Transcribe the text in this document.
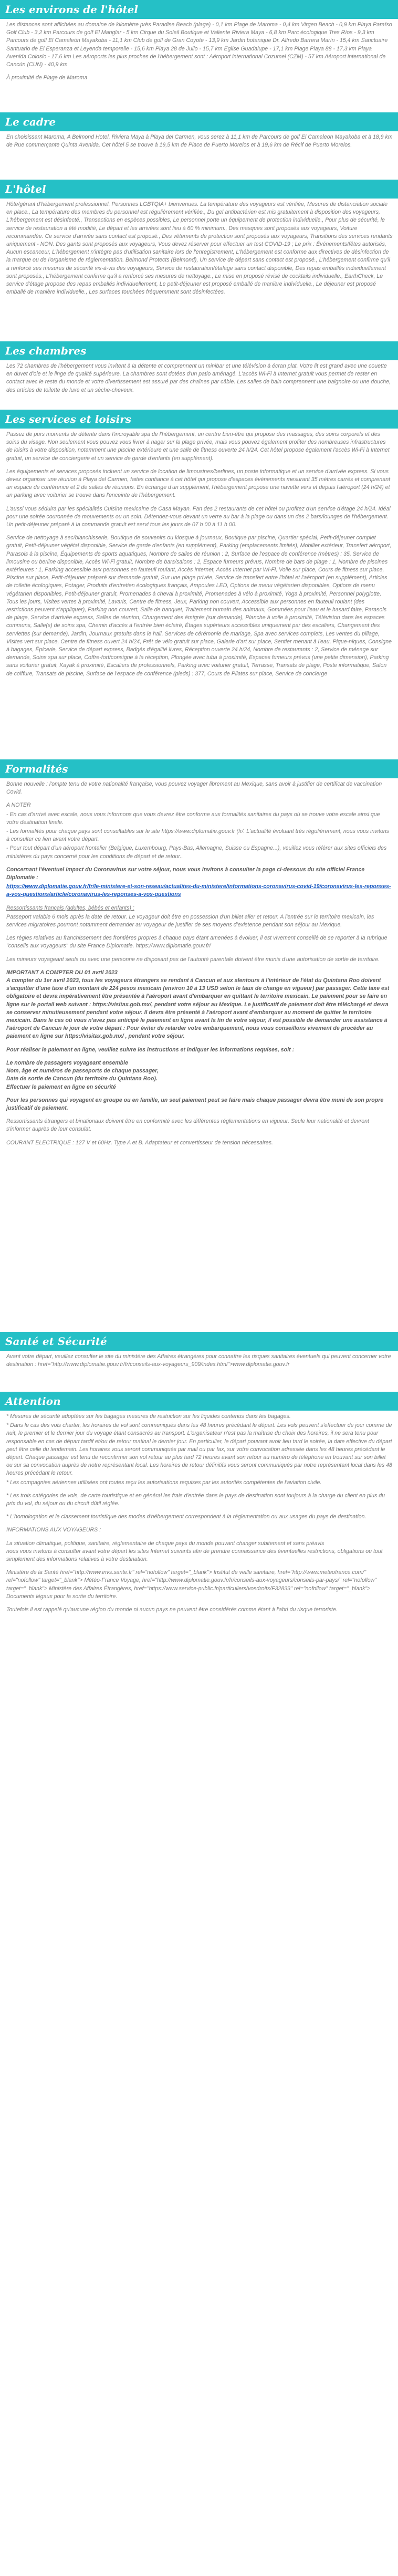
Les environs de l'hôtel

Les distances sont affichées au domaine de kilomètre près Paradise Beach (plage) - 0,1 km Plage de Maroma - 0,4 km Virgen Beach - 0,9 km Playa Paraíso Golf Club - 3,2 km Parcours de golf El Manglar - 5 km Cirque du Soleil Boutique et Valiente Riviera Maya - 6,8 km Parc écologique Tres Ríos - 9,3 km Parcours de golf El Camaleón Mayakoba - 11,1 km Club de golf de Gran Coyote - 13,9 km Jardin botanique Dr. Alfredo Barrera Marín - 15,4 km Sanctuaire Santuario de El Esperanza et Leyenda temporelle - 15,6 km Playa 28 de Julio - 15,7 km Eglise Guadalupe - 17,1 km Plage Playa 88 - 17,3 km Playa Avenida Colosio - 17,6 km Les aéroports les plus proches de l'hébergement sont : Aéroport international Cozumel (CZM) - 57 km Aéroport international de Cancún (CUN) - 40,9 km

À proximité de Plage de Maroma

Le cadre

En choisissant Maroma, A Belmond Hotel, Riviera Maya à Playa del Carmen, vous serez à 11,1 km de Parcours de golf El Camaleon Mayakoba et à 18,9 km de Rue commerçante Quinta Avenida. Cet hôtel 5 se trouve à 19,5 km de Place de Puerto Morelos et à 19,6 km de Récif de Puerto Morelos.

L'hôtel

Hôte/gérant d'hébergement professionnel. Personnes LGBTQIA+ bienvenues. La température des voyageurs est vérifiée, Mesures de distanciation sociale en place., La température des membres du personnel est régulièrement vérifiée., Du gel antibactérien est mis gratuitement à disposition des voyageurs, L'hébergement est désinfecté., Transactions en espèces possibles, Le personnel porte un équipement de protection individuelle., Pour plus de sécurité, le service de restauration a été modifié, Le départ et les arrivées sont lieu à 60 % minimum., Des masques sont proposés aux voyageurs, Voiture recommandée. Ce service d'arrivée sans contact est proposé., Des vêtements de protection sont proposés aux voyageurs, Transitions des services rendants uniquement - NON. Des gants sont proposés aux voyageurs, Vous devez réserver pour effectuer un test COVID-19 ; Le prix : Événements/fêtes autorisés, Aucun escanceur, L'hébergement n'intègre pas d'utilisation sanitaire lors de l'enregistrement, L'hébergement est conforme aux directives de désinfection de la marque ou de l'organisme de réglementation. Belmond Protects (Belmond), Un service de départ sans contact est proposé., L'hébergement confirme qu'il a renforcé ses mesures de sécurité vis-à-vis des voyageurs, Service de restauration/étalage sans contact disponible, Des repas emballés individuellement sont proposés., L'hébergement confirme qu'il a renforcé ses mesures de nettoyage., Le mise en proposé révisé de cocktails individuelle., EarthCheck, Le service d'étage propose des repas emballés individuellement, Le petit-déjeuner est proposé emballé de manière individuelle., Le déjeuner est proposé emballé de manière individuelle., Les surfaces touchées fréquemment sont désinfectées.

Les chambres

Les 72 chambres de l'hébergement vous invitent à la détente et comprennent un minibar et une télévision à écran plat. Votre lit est grand avec une couette en duvet d'oie et le linge de qualité supérieure. La chambres sont dotées d'un patio aménagé. L'accès Wi-Fi à Internet gratuit vous permet de rester en contact avec le reste du monde et votre divertissement est assuré par des chaînes par câble. Les salles de bain comprennent une baignoire ou une douche, des articles de toilette de luxe et un sèche-cheveux.

Les services et loisirs

Passez de purs moments de détente dans l'incroyable spa de l'hébergement, un centre bien-être qui propose des massages, des soins corporels et des soins du visage. Non seulement vous pouvez vous livrer à nager sur la plage privée, mais vous pouvez également profiter des nombreuses infrastructures de loisirs à votre disposition, notamment une piscine extérieure et une salle de fitness ouverte 24 h/24. Cet hôtel propose également l'accès Wi-Fi à Internet gratuit, un service de conciergerie et un service de garde d'enfants (en supplément).

Les équipements et services proposés incluent un service de location de limousines/berlines, un poste informatique et un service d'arrivée express. Si vous devez organiser une réunion à Playa del Carmen, faites confiance à cet hôtel qui propose d'espaces événements mesurant 35 mètres carrés et comprenant un espace de conférence et 2 de salles de réunions. En échange d'un supplément, l'hébergement propose une navette vers et depuis l'aéroport (24 h/24) et un parking avec voiturier se trouve dans l'enceinte de l'hébergement.

L'aussi vous séduira par les spécialités Cuisine mexicaine de Casa Mayan. Fan des 2 restaurants de cet hôtel ou profitez d'un service d'étage 24 h/24. Idéal pour une soirée couronnée de mouvements ou un soin. Détendez-vous devant un verre au bar à la plage ou dans un des 2 bars/lounges de l'hébergement. Un petit-déjeuner préparé à la commande gratuit est servi tous les jours de 07 h 00 à 11 h 00.

Service de nettoyage à sec/blanchisserie, Boutique de souvenirs ou kiosque à journaux, Boutique par piscine, Quartier spécial, Petit-déjeuner complet gratuit, Petit-déjeuner végétal disponible, Service de garde d'enfants (en supplément), Parking (emplacements limités), Mobilier extérieur, Transfert aéroport, Parasols à la piscine, Équipements de sports aquatiques, Nombre de salles de réunion : 2, Surface de l'espace de conférence (mètres) : 35, Service de limousine ou berline disponible, Accès Wi-Fi gratuit, Nombre de bars/salons : 2, Espace fumeurs prévus, Nombre de bars de plage : 1, Nombre de piscines extérieures : 1, Parking accessible aux personnes en fauteuil roulant, Accès Internet, Accès Internet par Wi-Fi, Voile sur place, Cours de fitness sur place, Piscine sur place, Petit-déjeuner préparé sur demande gratuit, Sur une plage privée, Service de transfert entre l'hôtel et l'aéroport (en supplément), Articles de toilette écologiques, Potager, Produits d'entretien écologiques français, Ampoules LED, Options de menu végétarien disponibles, Options de menu végétarien disponibles, Petit-déjeuner gratuit, Promenades à cheval à proximité, Promenades à vélo à proximité, Yoga à proximité, Personnel polyglotte, Tous les jours, Visites vertes à proximité, Lavaris, Centre de fitness, Jeux, Parking non couvert, Accessible aux personnes en fauteuil roulant (des restrictions peuvent s'appliquer), Parking non couvert, Salle de banquet, Traitement humain des animaux, Gommées pour l'eau et le hasard faire, Parasols de plage, Service d'arrivée express, Salles de réunion, Chargement des émigrés (sur demande), Planche à voile à proximité, Télévision dans les espaces communs, Salle(s) de soins spa, Chemin d'accès à l'entrée bien éclairé, Étages supérieurs accessibles uniquement par des escaliers, Changement des serviettes (sur demande), Jardin, Journaux gratuits dans le hall, Services de cérémonie de mariage, Spa avec services complets, Les ventes du pillage, Visites vert sur place, Centre de fitness ouvert 24 h/24, Prêt de vélo gratuit sur place, Galerie d'art sur place, Sentier menant à l'eau, Pique-niques, Consigne à bagages, Épicerie, Service de départ express, Badgés d'égalité livres, Réception ouverte 24 h/24, Nombre de restaurants : 2, Service de ménage sur demande, Soins spa sur place, Coffre-fort/consigne à la réception, Plongée avec tuba à proximité, Espaces fumeurs prévus (une petite dimension), Parking sans voiturier gratuit, Kayak à proximité, Escaliers de professionnels, Parking avec voiturier gratuit, Terrasse, Transats de plage, Poste informatique, Salon de coiffure, Transats de piscine, Surface de l'espace de conférence (pieds) : 377, Cours de Pilates sur place, Service de concierge

Formalités

Bonne nouvelle : l'ompte tenu de votre nationalité française, vous pouvez voyager librement au Mexique, sans avoir à justifier de certificat de vaccination Covid.

A NOTER

- En cas d'arrivé avec escale, nous vous informons que vous devrez être conforme aux formalités sanitaires du pays où se trouve votre escale ainsi que votre destination finale.

- Les formalités pour chaque pays sont consultables sur le site https://www.diplomatie.gouv.fr (fr/. L'actualité évoluant très régulièrement, nous vous invitons à consulter ce lien avant votre départ.

- Pour tout départ d'un aéroport frontalier (Belgique, Luxembourg, Pays-Bas, Allemagne, Suisse ou Espagne...), veuillez vous référer aux sites officiels des ministères du pays concerné pour les conditions de départ et de retour..

Concernant l'éventuel impact du Coronavirus sur votre séjour, nous vous invitons à consulter la page ci-dessous du site officiel France Diplomatie :

https://www.diplomatie.gouv.fr/fr/le-ministere-et-son-reseau/actualites-du-ministere/informations-coronavirus-covid-19/coronavirus-les-reponses-a-vos-questions/article/coronavirus-les-reponses-a-vos-questions

Ressortissants français (adultes, bébés et enfants) :

Passeport valable 6 mois après la date de retour. Le voyageur doit être en possession d'un billet aller et retour. A l'entrée sur le territoire mexicain, les services migratoires pourront notamment demander au voyageur de justifier de ses moyens d'existence pendant son séjour au Mexique.

Les règles relatives au franchissement des frontières propres à chaque pays étant amenées à évoluer, il est vivement conseillé de se reporter à la rubrique "conseils aux voyageurs" du site France Diplomatie. https://www.diplomatie.gouv.fr/

Les mineurs voyageant seuls ou avec une personne ne disposant pas de l'autorité parentale doivent être munis d'une autorisation de sortie de territoire.

IMPORTANT A COMPTER DU 01 avril 2023

A compter du 1er avril 2023, tous les voyageurs étrangers se rendant à Cancun et aux alentours à l'intérieur de l'état du Quintana Roo doivent s'acquitter d'une taxe d'un montant de 224 pesos mexicain (environ 10 à 13 USD selon le taux de change en vigueur) par passager. Cette taxe est obligatoire et devra impérativement être présentée à l'aéroport avant d'embarquer en quittant le territoire mexicain. Le paiement pour se faire en ligne sur le portail web suivant : https://visitax.gob.mx/, pendant votre séjour au Mexique. Le justificatif de paiement doit être téléchargé et devra se conserver minutieusement pendant votre séjour. Il devra être présenté à l'aéroport avant d'embarquer au moment de quitter le territoire mexicain. Dans le cas où vous n'avez pas anticipé le paiement en ligne avant la fin de votre séjour, il est possible de demander une assistance à l'aéroport de Cancun le jour de votre départ : Pour éviter de retarder votre embarquement, nous vous conseillons vivement de procéder au paiement en ligne sur https://visitax.gob.mx/ , pendant votre séjour.

Pour réaliser le paiement en ligne, veuillez suivre les instructions et indiquer les informations requises, soit :

Le nombre de passagers voyageant ensemble
Nom, âge et numéros de passeports de chaque passager,
Date de sortie de Cancun (du territoire du Quintana Roo).
Effectuer le paiement en ligne en sécurité

Pour les personnes qui voyagent en groupe ou en famille, un seul paiement peut se faire mais chaque passager devra être muni de son propre justificatif de paiement.

Ressortissants étrangers et binationaux doivent être en conformité avec les différentes réglementations en vigueur. Seule leur nationalité et devront s'informer auprès de leur consulat.

COURANT ELECTRIQUE : 127 V et 60Hz. Type A et B. Adaptateur et convertisseur de tension nécessaires.

Santé et Sécurité

Avant votre départ, veuillez consulter le site du ministère des Affaires étrangères pour connaître les risques sanitaires éventuels qui peuvent concerner votre destination : href="http://www.diplomatie.gouv.fr/fr/conseils-aux-voyageurs_909/index.html">www.diplomatie.gouv.fr

Attention

* Mesures de sécurité adoptées sur les bagages mesures de restriction sur les liquides contenus dans les bagages.

* Dans le cas des vols charter, les horaires de vol sont communiqués dans les 48 heures précédant le départ. Les vols peuvent s'effectuer de jour comme de nuit, le premier et le dernier jour du voyage étant consacrés au transport. L'organisateur n'est pas la maîtrise du choix des horaires, il ne sera tenu pour responsable en cas de départ tardif et/ou de retour matinal le dernier jour. En particulier, le départ pouvant avoir lieu tard le soirée, la date effective du départ peut être celle du lendemain. Les horaires vous seront communiqués par mail ou par fax, sur votre convocation adressée dans les 48 heures précédant le départ. Chaque passager est tenu de reconfirmer son vol retour au plus tard 72 heures avant son retour au numéro de téléphone en trouvant sur son billet ou sur sa convocation auprès de notre représentant local. Les horaires de retour définitifs vous seront communiqués par notre représentant local dans les 48 heures précédant le retour.

* Les compagnies aériennes utilisées ont toutes reçu les autorisations requises par les autorités compétentes de l'aviation civile.

* Les trois catégories de vols, de carte touristique et en général les frais d'entrée dans le pays de destination sont toujours à la charge du client en plus du prix du vol, du séjour ou du circuit dûtil réglée.

* L'homologation et le classement touristique des modes d'hébergement correspondent à la réglementation ou aux usages du pays de destination.

INFORMATIONS AUX VOYAGEURS :

La situation climatique, politique, sanitaire, réglementaire de chaque pays du monde pouvant changer subitement et sans préavis
nous vous invitons à consulter avant votre départ les sites Internet suivants afin de prendre connaissance des éventuelles restrictions, obligations ou tout simplement des informations relatives à votre destination.

Ministère de la Santé href="http://www.invs.sante.fr" rel="nofollow" target="_blank"> Institut de veille sanitaire, href="http://www.meteofrance.com/" rel="nofollow" target="_blank"> Météo-France Voyage, href="http://www.diplomatie.gouv.fr/fr/conseils-aux-voyageurs/conseils-par-pays/" rel="nofollow" target="_blank"> Ministère des Affaires Étrangères, href="https://www.service-public.fr/particuliers/vosdroits/F32833" rel="nofollow" target="_blank"> Documents légaux pour la sortie du territoire.

Toutefois il est rappelé qu'aucune région du monde ni aucun pays ne peuvent être considérés comme étant à l'abri du risque terroriste.
